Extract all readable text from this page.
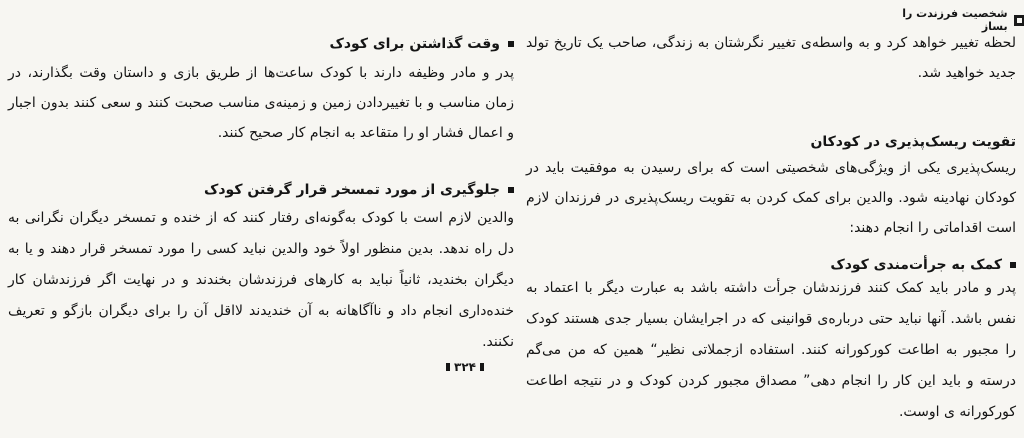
شخصیت فرزندت را بساز
لحظه تغییر خواهد کرد و به واسطه‌ی تغییر نگرشتان به زندگی، صاحب یک تاریخ تولد جدید خواهید شد.
تقویت ریسک‌پذیری در کودکان
ریسک‌پذیری یکی از ویژگی‌های شخصیتی است که برای رسیدن به موفقیت باید در کودکان نهادینه شود. والدین برای کمک کردن به تقویت ریسک‌پذیری در فرزندان لازم است اقداماتی را انجام دهند:
کمک به جرأت‌مندی کودک
پدر و مادر باید کمک کنند فرزندشان جرأت داشته باشد به عبارت دیگر با اعتماد به نفس باشد. آنها نباید حتی درباره‌ی قوانینی که در اجرایشان بسیار جدی هستند کودک را مجبور به اطاعت کورکورانه کنند. استفاده ازجملاتی نظیر“ همین که من می‌گم درسته و باید این کار را انجام دهی” مصداق مجبور کردن کودک و در نتیجه اطاعت کورکورانه ی اوست.
وقت گذاشتن برای کودک
پدر و مادر وظیفه دارند با کودک ساعت‌ها از طریق بازی و داستان وقت بگذارند، در زمان مناسب و با تغییردادن زمین و زمینه‌ی مناسب صحبت کنند و سعی کنند بدون اجبار و اعمال فشار او را متقاعد به انجام کار صحیح کنند.
جلوگیری از مورد تمسخر قرار گرفتن کودک
والدین لازم است با کودک به‌گونه‌ای رفتار کنند که از خنده و تمسخر دیگران نگرانی به دل راه ندهد. بدین منظور اولاً خود والدین نباید کسی را مورد تمسخر قرار دهند و یا به دیگران بخندید، ثانیاً نباید به کارهای فرزندشان بخندند و در نهایت اگر فرزندشان کار خنده‌داری انجام داد و ناآگاهانه به آن خندیدند لااقل آن را برای دیگران بازگو و تعریف نکنند.
۳۲۴
